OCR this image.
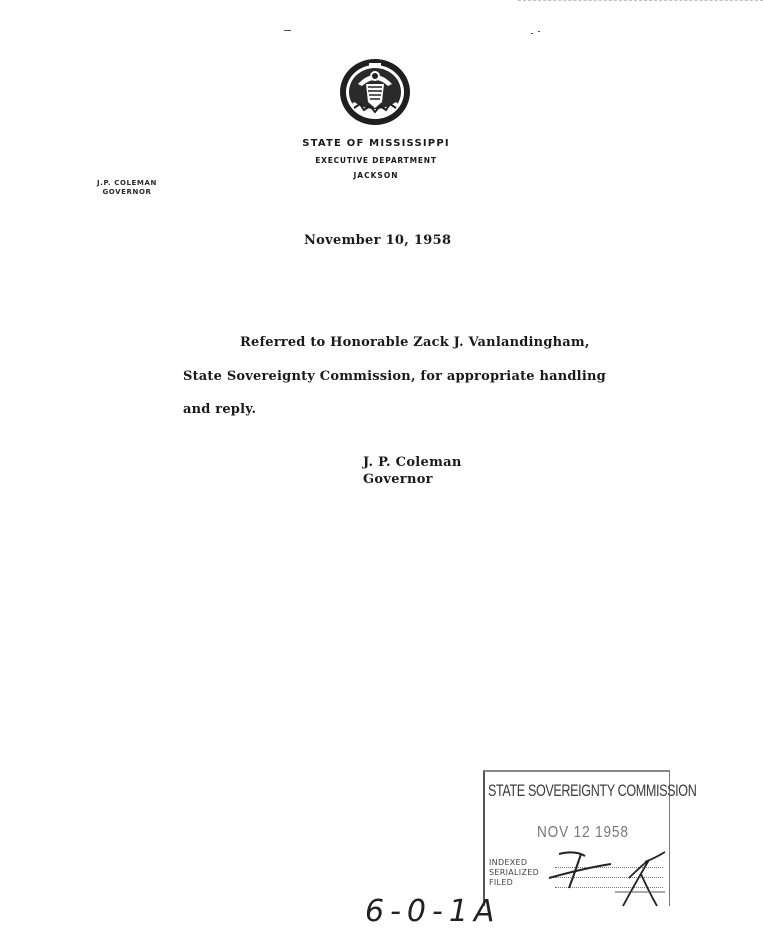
STATE OF MISSISSIPPI
EXECUTIVE DEPARTMENT
JACKSON
J.P. COLEMAN
GOVERNOR
November 10, 1958
Referred to Honorable Zack J. Vanlandingham,
State Sovereignty Commission, for appropriate handling
and reply.
J. P. Coleman
Governor
STATE SOVEREIGNTY COMMISSION
NOV 12 1958
INDEXED
SERIALIZED
FILED
6-0-1A
